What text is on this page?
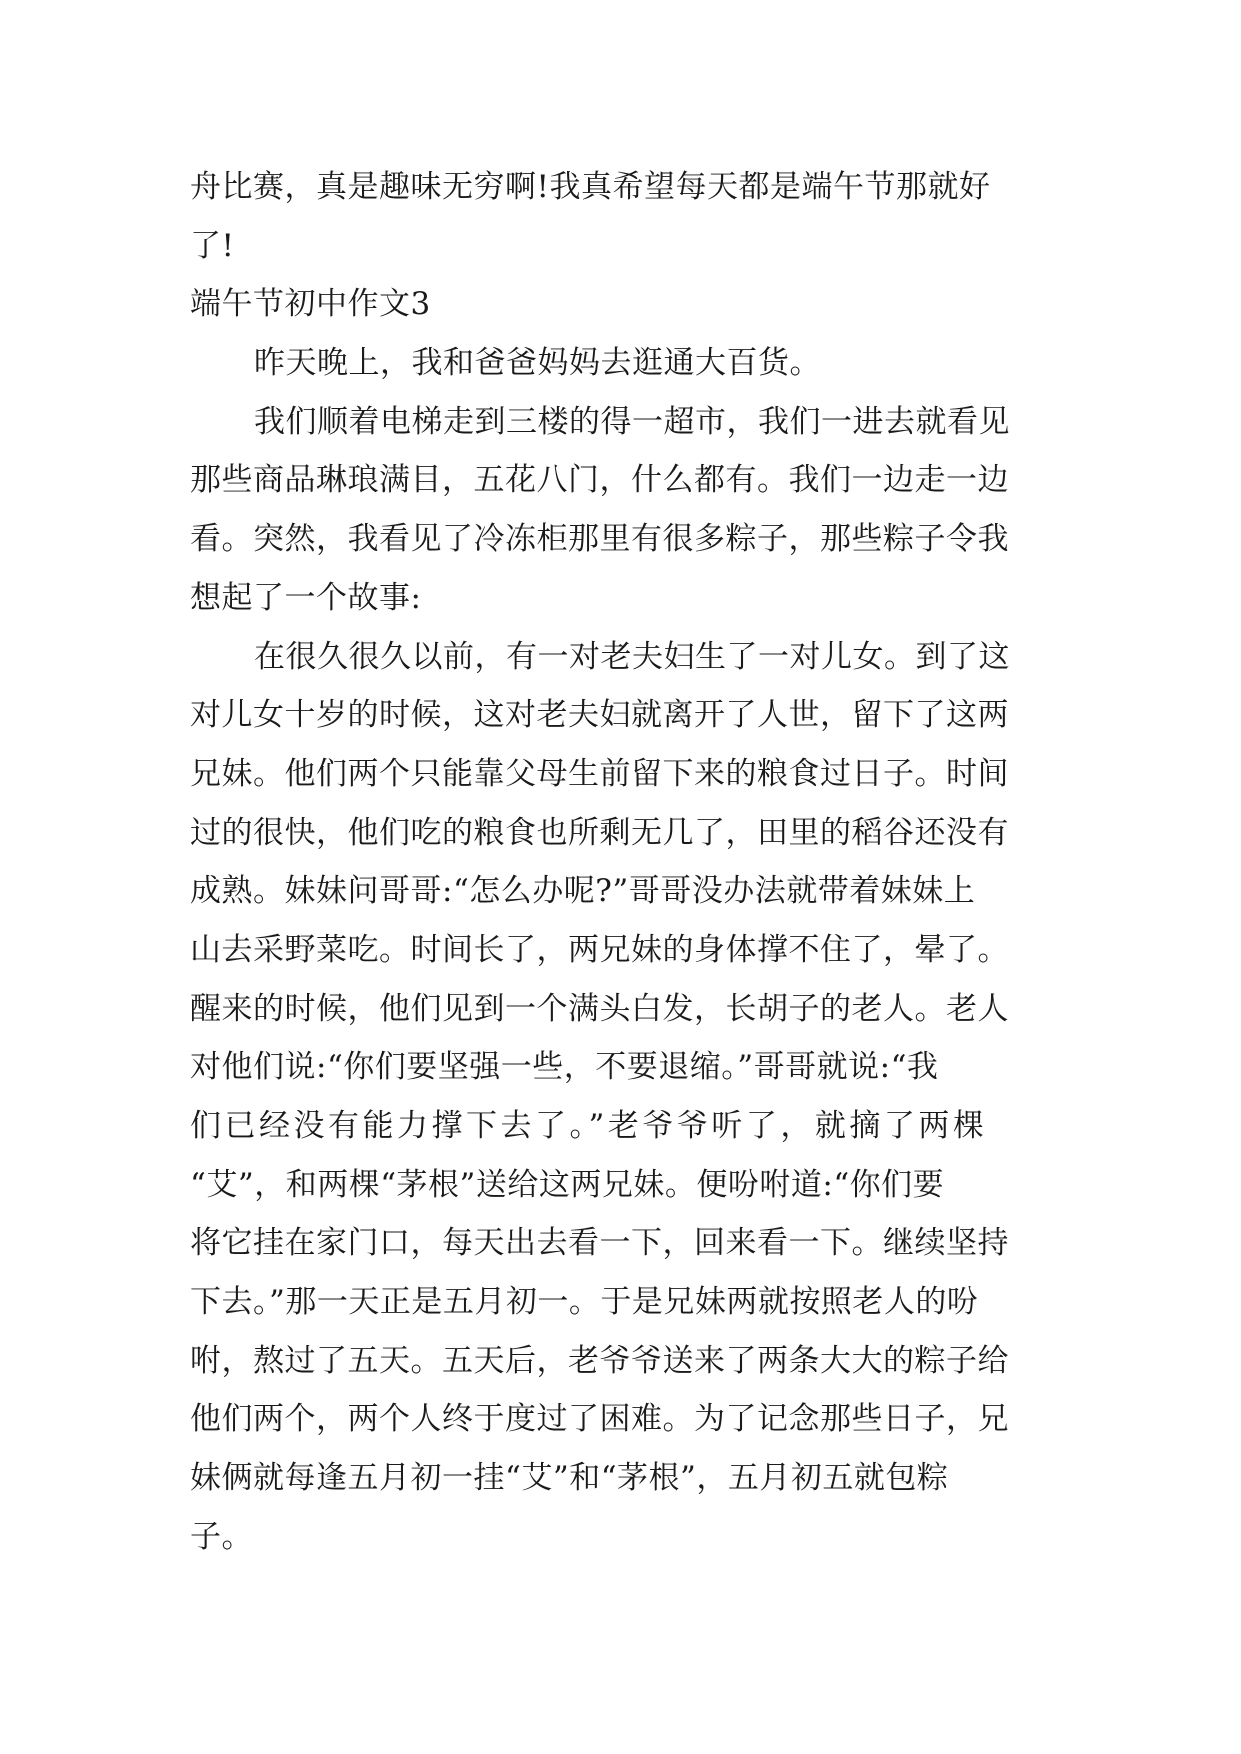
舟比赛，真是趣味无穷啊!我真希望每天都是端午节那就好
了!
端午节初中作文3
昨天晚上，我和爸爸妈妈去逛通大百货。
我们顺着电梯走到三楼的得一超市，我们一进去就看见
那些商品琳琅满目，五花八门，什么都有。我们一边走一边
看。突然，我看见了冷冻柜那里有很多粽子，那些粽子令我
想起了一个故事:
在很久很久以前，有一对老夫妇生了一对儿女。到了这
对儿女十岁的时候，这对老夫妇就离开了人世，留下了这两
兄妹。他们两个只能靠父母生前留下来的粮食过日子。时间
过的很快，他们吃的粮食也所剩无几了，田里的稻谷还没有
成熟。妹妹问哥哥:“怎么办呢?”哥哥没办法就带着妹妹上
山去采野菜吃。时间长了，两兄妹的身体撑不住了，晕了。
醒来的时候，他们见到一个满头白发，长胡子的老人。老人
对他们说:“你们要坚强一些，不要退缩。”哥哥就说:“我
们已经没有能力撑下去了。”老爷爷听了，就摘了两棵
“艾”，和两棵“茅根”送给这两兄妹。便吩咐道:“你们要
将它挂在家门口，每天出去看一下，回来看一下。继续坚持
下去。”那一天正是五月初一。于是兄妹两就按照老人的吩
咐，熬过了五天。五天后，老爷爷送来了两条大大的粽子给
他们两个，两个人终于度过了困难。为了记念那些日子，兄
妹俩就每逢五月初一挂“艾”和“茅根”，五月初五就包粽
子。
